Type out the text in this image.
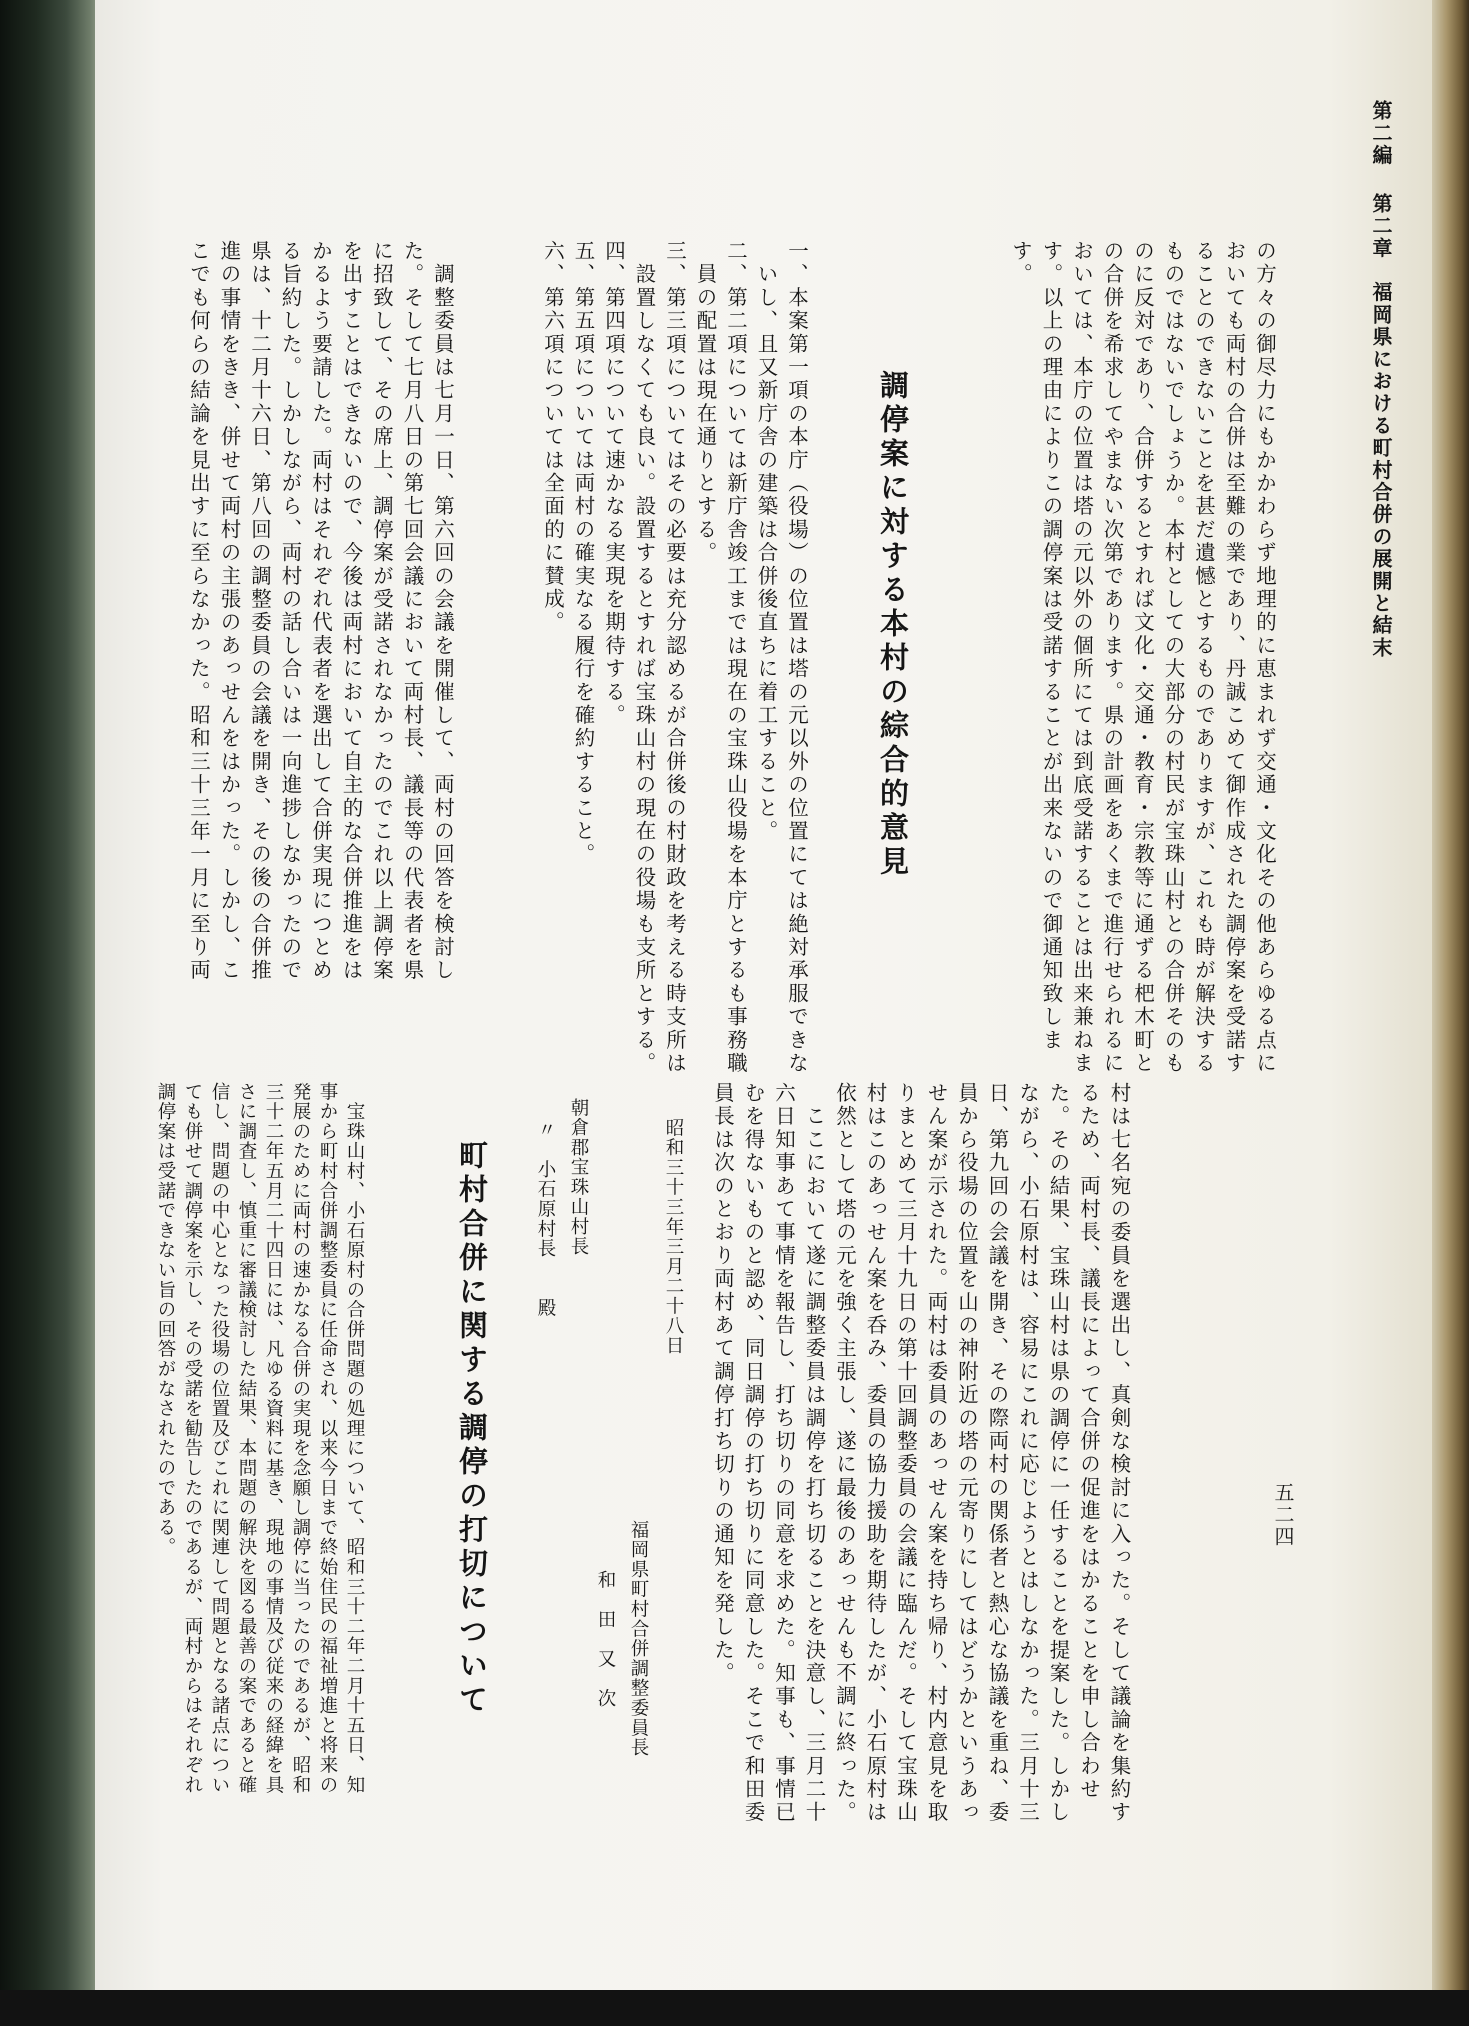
第二編 第二章　福岡県における町村合併の展開と結末
五二四
の方々の御尽力にもかかわらず地理的に恵まれず交通・文化その他あらゆる点に
おいても両村の合併は至難の業であり、丹誠こめて御作成された調停案を受諾す
ることのできないことを甚だ遺憾とするものでありますが、これも時が解決する
ものではないでしょうか。本村としての大部分の村民が宝珠山村との合併そのも
のに反対であり、合併するとすれば文化・交通・教育・宗教等に通ずる杷木町と
の合併を希求してやまない次第であります。県の計画をあくまで進行せられるに
おいては、本庁の位置は塔の元以外の個所にては到底受諾することは出来兼ねま
す。以上の理由によりこの調停案は受諾することが出来ないので御通知致しま
す。
調停案に対する本村の綜合的意見
一、本案第一項の本庁（役場）の位置は塔の元以外の位置にては絶対承服できな
　いし、且又新庁舎の建築は合併後直ちに着工すること。
二、第二項については新庁舎竣工までは現在の宝珠山役場を本庁とするも事務職
　員の配置は現在通りとする。
三、第三項についてはその必要は充分認めるが合併後の村財政を考える時支所は
　設置しなくても良い。設置するとすれば宝珠山村の現在の役場も支所とする。
四、第四項について速かなる実現を期待する。
五、第五項については両村の確実なる履行を確約すること。
六、第六項については全面的に賛成。
　調整委員は七月一日、第六回の会議を開催して、両村の回答を検討し
た。そして七月八日の第七回会議において両村長、議長等の代表者を県
に招致して、その席上、調停案が受諾されなかったのでこれ以上調停案
を出すことはできないので、今後は両村において自主的な合併推進をは
かるよう要請した。両村はそれぞれ代表者を選出して合併実現につとめ
る旨約した。しかしながら、両村の話し合いは一向進捗しなかったので
県は、十二月十六日、第八回の調整委員の会議を開き、その後の合併推
進の事情をきき、併せて両村の主張のあっせんをはかった。しかし、こ
こでも何らの結論を見出すに至らなかった。昭和三十三年一月に至り両
村は七名宛の委員を選出し、真剣な検討に入った。そして議論を集約す
るため、両村長、議長によって合併の促進をはかることを申し合わせ
た。その結果、宝珠山村は県の調停に一任することを提案した。しかし
ながら、小石原村は、容易にこれに応じようとはしなかった。三月十三
日、第九回の会議を開き、その際両村の関係者と熱心な協議を重ね、委
員から役場の位置を山の神附近の塔の元寄りにしてはどうかというあっ
せん案が示された。両村は委員のあっせん案を持ち帰り、村内意見を取
りまとめて三月十九日の第十回調整委員の会議に臨んだ。そして宝珠山
村はこのあっせん案を呑み、委員の協力援助を期待したが、小石原村は
依然として塔の元を強く主張し、遂に最後のあっせんも不調に終った。
　ここにおいて遂に調整委員は調停を打ち切ることを決意し、三月二十
六日知事あて事情を報告し、打ち切りの同意を求めた。知事も、事情已
むを得ないものと認め、同日調停の打ち切りに同意した。そこで和田委
員長は次のとおり両村あて調停打ち切りの通知を発した。
昭和三十三年三月二十八日
福岡県町村合併調整委員長
和　田　又　次
朝倉郡宝珠山村長
〃　小石原村長　　殿
町村合併に関する調停の打切について
　宝珠山村、小石原村の合併問題の処理について、昭和三十二年二月十五日、知
事から町村合併調整委員に任命され、以来今日まで終始住民の福祉増進と将来の
発展のために両村の速かなる合併の実現を念願し調停に当ったのであるが、昭和
三十二年五月二十四日には、凡ゆる資料に基き、現地の事情及び従来の経緯を具
さに調査し、慎重に審議検討した結果、本問題の解決を図る最善の案であると確
信し、問題の中心となった役場の位置及びこれに関連して問題となる諸点につい
ても併せて調停案を示し、その受諾を勧告したのであるが、両村からはそれぞれ
調停案は受諾できない旨の回答がなされたのである。
